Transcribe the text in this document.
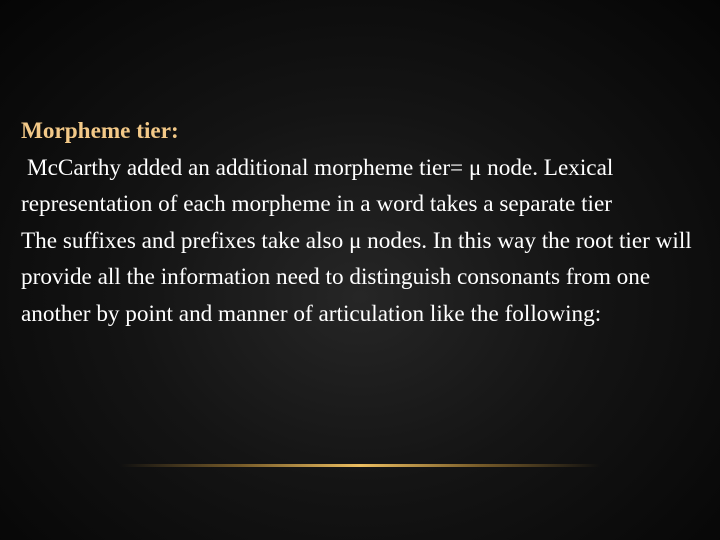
Morpheme tier:

McCarthy added an additional morpheme tier= μ node. Lexical representation of each morpheme in a word takes a separate tier

The suffixes and prefixes take also μ nodes. In this way the root tier will provide all the information need to distinguish consonants from one another by point and manner of articulation like the following:
